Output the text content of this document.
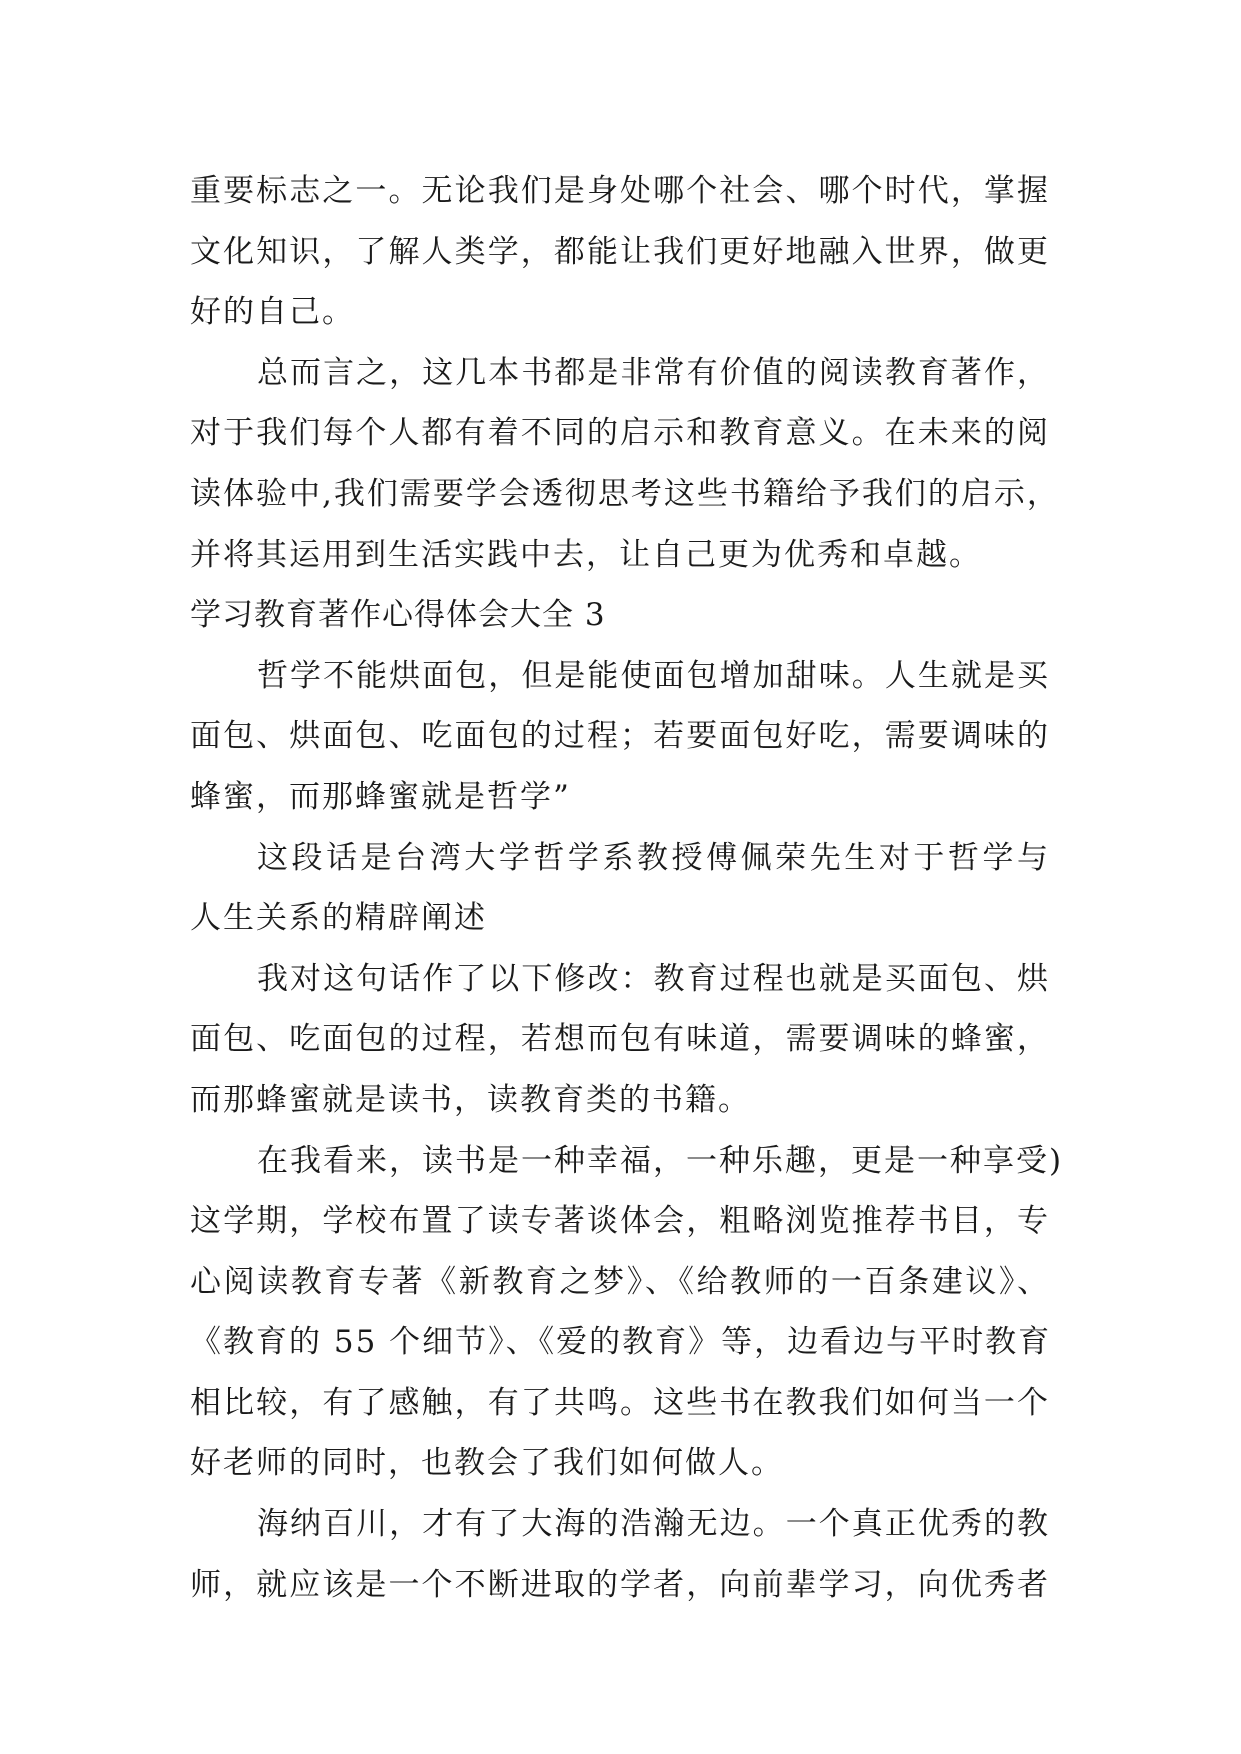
重要标志之一。无论我们是身处哪个社会、哪个时代，掌握
文化知识，了解人类学，都能让我们更好地融入世界，做更
好的自己。
总而言之，这几本书都是非常有价值的阅读教育著作，
对于我们每个人都有着不同的启示和教育意义。在未来的阅
读体验中,我们需要学会透彻思考这些书籍给予我们的启示，
并将其运用到生活实践中去，让自己更为优秀和卓越。
学习教育著作心得体会大全 3
哲学不能烘面包，但是能使面包增加甜味。人生就是买
面包、烘面包、吃面包的过程；若要面包好吃，需要调味的
蜂蜜，而那蜂蜜就是哲学”
这段话是台湾大学哲学系教授傅佩荣先生对于哲学与
人生关系的精辟阐述
我对这句话作了以下修改：教育过程也就是买面包、烘
面包、吃面包的过程，若想而包有味道，需要调味的蜂蜜，
而那蜂蜜就是读书，读教育类的书籍。
在我看来，读书是一种幸福，一种乐趣，更是一种享受)
这学期，学校布置了读专著谈体会，粗略浏览推荐书目，专
心阅读教育专著《新教育之梦》、《给教师的一百条建议》、
《教育的 55 个细节》、《爱的教育》等，边看边与平时教育
相比较，有了感触，有了共鸣。这些书在教我们如何当一个
好老师的同时，也教会了我们如何做人。
海纳百川，才有了大海的浩瀚无边。一个真正优秀的教
师，就应该是一个不断进取的学者，向前辈学习，向优秀者
